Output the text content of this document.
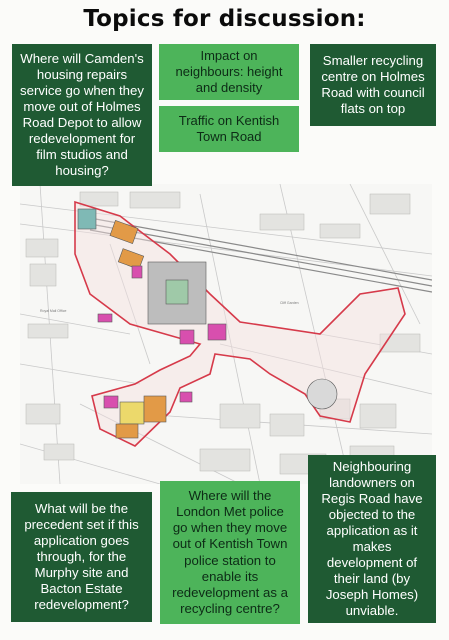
Topics for discussion:
Royal Mail Office
Cliff Garden
Where will Camden's housing repairs service go when they move out of Holmes Road Depot to allow redevelopment for film studios and housing?
Impact on neighbours: height and density
Traffic on Kentish Town Road
Smaller recycling centre on Holmes Road with council flats on top
What will be the precedent set if this application goes through, for the Murphy site and Bacton Estate redevelopment?
Where will the London Met police go when they move out of Kentish Town police station to enable its redevelopment as a recycling centre?
Neighbouring landowners on Regis Road have objected to the application as it makes development of their land (by Joseph Homes) unviable.
